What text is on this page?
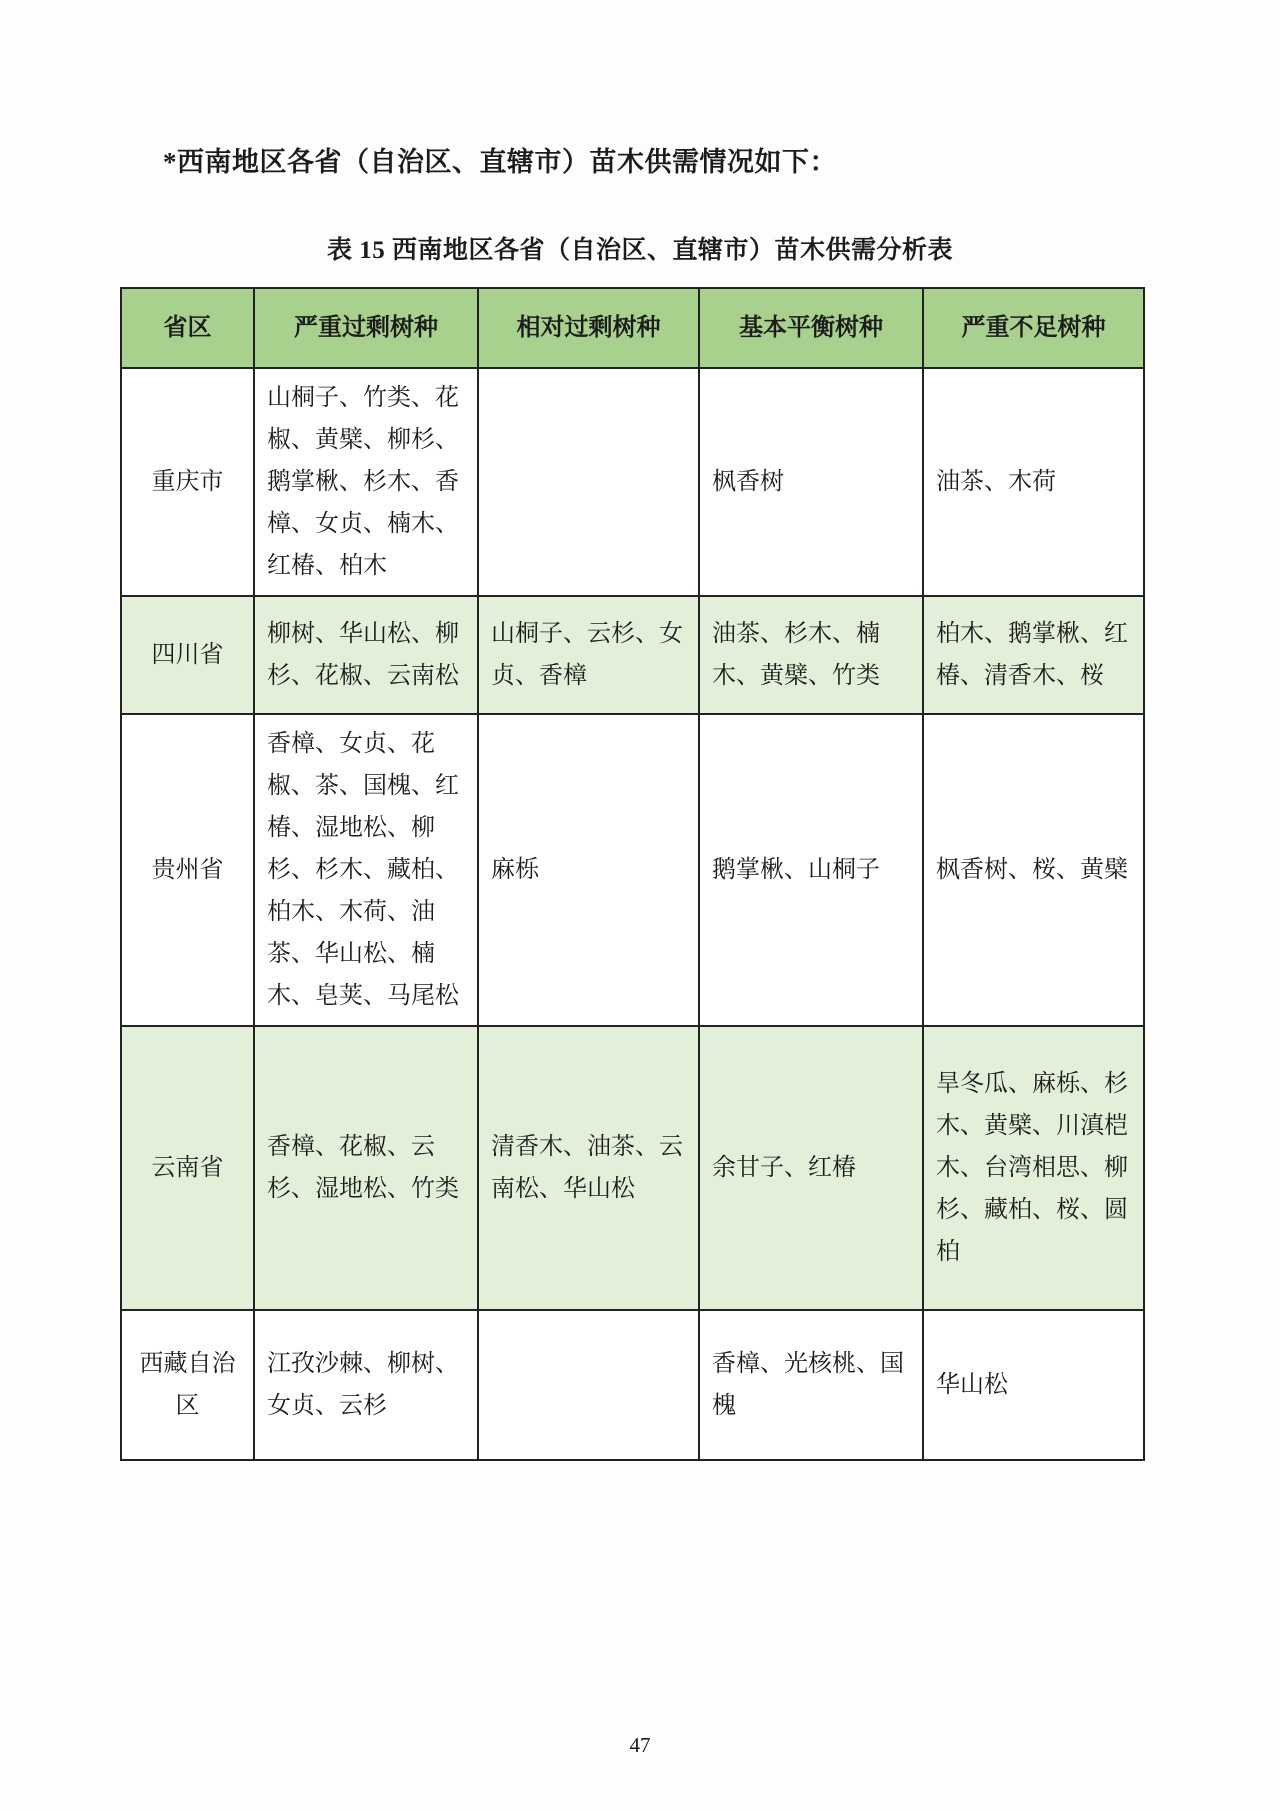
*西南地区各省（自治区、直辖市）苗木供需情况如下：

表 15 西南地区各省（自治区、直辖市）苗木供需分析表

省区	严重过剩树种	相对过剩树种	基本平衡树种	严重不足树种
重庆市	山桐子、竹类、花椒、黄檗、柳杉、鹅掌楸、杉木、香樟、女贞、楠木、红椿、柏木		枫香树	油茶、木荷
四川省	柳树、华山松、柳杉、花椒、云南松	山桐子、云杉、女贞、香樟	油茶、杉木、楠木、黄檗、竹类	柏木、鹅掌楸、红椿、清香木、桜
贵州省	香樟、女贞、花椒、茶、国槐、红椿、湿地松、柳杉、杉木、藏柏、柏木、木荷、油茶、华山松、楠木、皂荚、马尾松	麻栎	鹅掌楸、山桐子	枫香树、桜、黄檗
云南省	香樟、花椒、云杉、湿地松、竹类	清香木、油茶、云南松、华山松	余甘子、红椿	旱冬瓜、麻栎、杉木、黄檗、川滇桤木、台湾相思、柳杉、藏柏、桜、圆柏
西藏自治区	江孜沙棘、柳树、女贞、云杉		香樟、光核桃、国槐	华山松
47
